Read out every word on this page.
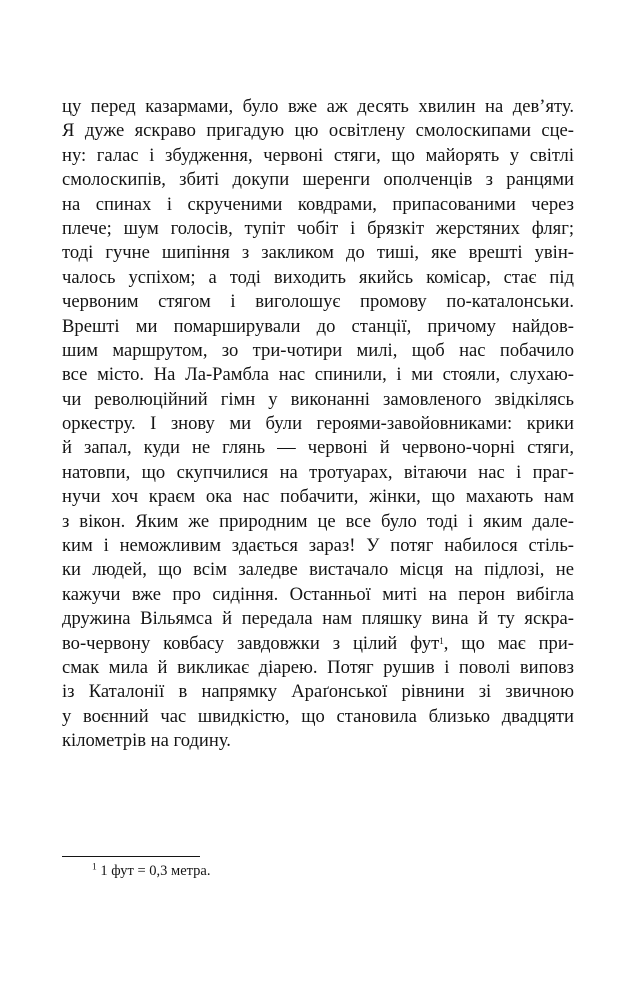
цу перед казармами, було вже аж десять хвилин на дев’яту.
Я дуже яскраво пригадую цю освітлену смолоскипами сце-
ну: галас і збудження, червоні стяги, що майорять у світлі
смолоскипів, збиті докупи шеренги ополченців з ранцями
на спинах і скрученими ковдрами, припасованими через
плече; шум голосів, тупіт чобіт і брязкіт жерстяних фляг;
тоді гучне шипіння з закликом до тиші, яке врешті увін-
чалось успіхом; а тоді виходить якийсь комісар, стає під
червоним стягом і виголошує промову по-каталонськи.
Врешті ми помарширували до станції, причому найдов-
шим маршрутом, зо три-чотири милі, щоб нас побачило
все місто. На Ла-Рамбла нас спинили, і ми стояли, слухаю-
чи революційний гімн у виконанні замовленого звідкілясь
оркестру. І знову ми були героями-завойовниками: крики
й запал, куди не глянь — червоні й червоно-чорні стяги,
натовпи, що скупчилися на тротуарах, вітаючи нас і праг-
нучи хоч краєм ока нас побачити, жінки, що махають нам
з вікон. Яким же природним це все було тоді і яким дале-
ким і неможливим здається зараз! У потяг набилося стіль-
ки людей, що всім заледве вистачало місця на підлозі, не
кажучи вже про сидіння. Останньої миті на перон вибігла
дружина Вільямса й передала нам пляшку вина й ту яскра-
во-червону ковбасу завдовжки з цілий фут$^1$, що має при-
смак мила й викликає діарею. Потяг рушив і поволі виповз
із Каталонії в напрямку Араґонської рівнини зі звичною
у воєнний час швидкістю, що становила близько двадцяти
кілометрів на годину.
$^1$ 1 фут = 0,3 метра.
